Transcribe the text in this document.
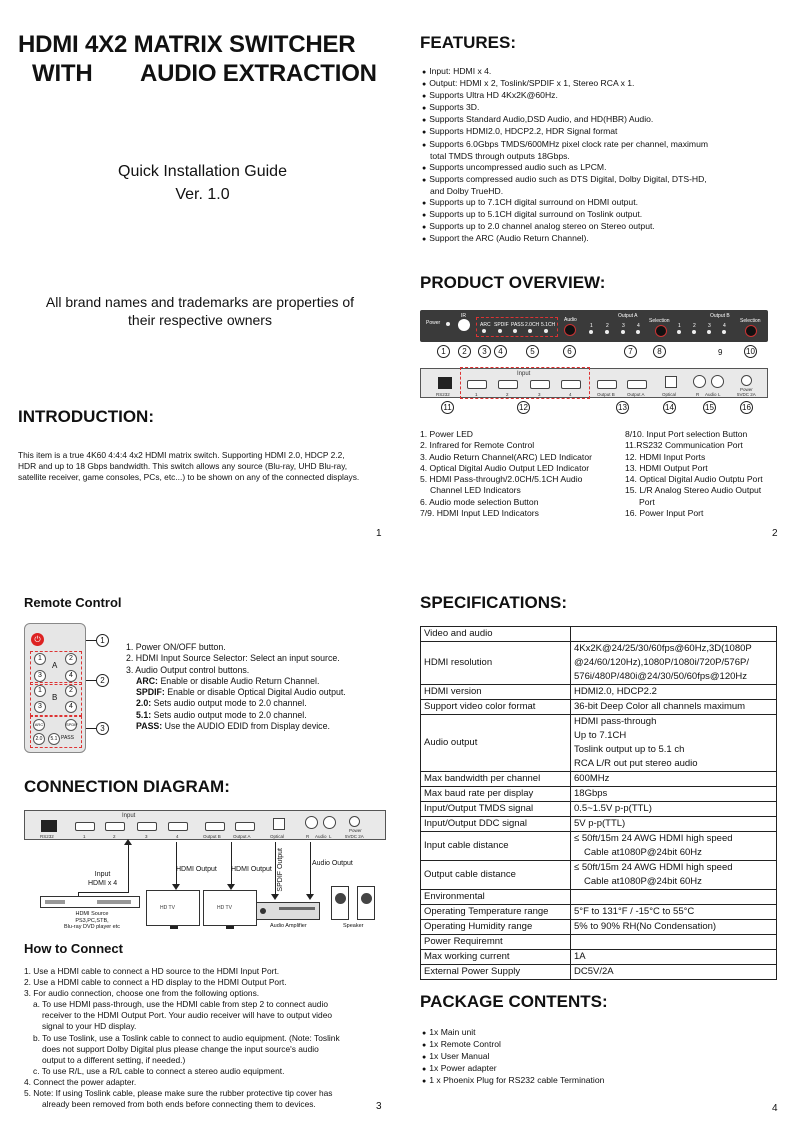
HDMI 4X2 MATRIX SWITCHER
WITH AUDIO EXTRACTION
Quick Installation Guide
Ver. 1.0
All brand names and trademarks are properties of
their respective owners
INTRODUCTION:
This item is a true 4K60 4:4:4 4x2 HDMI matrix switch. Supporting HDMI 2.0, HDCP 2.2,
HDR and up to 18 Gbps bandwidth. This switch allows any source (Blu-ray, UHD Blu-ray,
satellite receiver, game consoles, PCs, etc...) to be shown on any of the connected displays.
1
FEATURES:
● Input: HDMI x 4.
● Output: HDMI x 2, Toslink/SPDIF x 1, Stereo RCA x 1.
● Supports Ultra HD 4Kx2K@60Hz.
● Supports 3D.
● Supports Standard Audio,DSD Audio, and HD(HBR) Audio.
● Supports HDMI2.0, HDCP2.2, HDR Signal format
● Supports 6.0Gbps TMDS/600MHz pixel clock rate per channel, maximum
total TMDS through outputs 18Gbps.
● Supports uncompressed audio such as LPCM.
● Supports compressed audio such as DTS Digital, Dolby Digital, DTS-HD,
and Dolby TrueHD.
● Supports up to 7.1CH digital surround on HDMI output.
● Supports up to 5.1CH digital surround on Toslink output.
● Supports up to 2.0 channel analog stereo on Stereo output.
● Support the ARC (Audio Return Channel).
PRODUCT OVERVIEW:
Power
IR
ARC SPDIF PASS 2.0CH 5.1CH
Audio
Output A
1	2	3 4
Selection
Output B
1 2 3 4
Selection
1	2	3	4	5	6	7	8	9	10
Input
RS232	1	2	3	4	Output B	Output A	Optical	R Audio L
Power
5VDC 2A
11	12	13	14	15	16
1. Power LED
2. Infrared for Remote Control
3. Audio Return Channel(ARC) LED Indicator
4. Optical Digital Audio Output LED Indicator
5. HDMI Pass-through/2.0CH/5.1CH Audio
Channel LED Indicators
6. Audio mode selection Button
7/9. HDMI Input LED Indicators
8/10. Input Port selection Button
11.RS232 Communication Port
12. HDMI Input Ports
13. HDMI Output Port
14. Optical Digital Audio Outptu Port
15. L/R Analog Stereo Audio Output
Port
16. Power Input Port
2
Remote Control
⏻
1	2
A
3	4
1	2
B
3	4
ARC	SPDIF
2.0	5.1 PASS
1
2
3
1. Power ON/OFF button.
2. HDMI Input Source Selector: Select an input source.
3. Audio Output control buttons.
ARC: Enable or disable Audio Return Channel.
SPDIF: Enable or disable Optical Digital Audio output.
2.0: Sets audio output mode to 2.0 channel.
5.1: Sets audio output mode to 2.0 channel.
PASS: Use the AUDIO EDID from Display device.
CONNECTION DIAGRAM:
Input
RS232	1	2	3	4	Output B	Output A	Optical	R Audio L
Power
5VDC 2A
Input
HDMI x 4
HDMI Output HDMI Output SPDIF Output	Audio Output
HDMI Source
PS3,PC,STB,
Blu-ray DVD player etc
HD TV	HD TV
Audio Amplifier	Speaker
How to Connect
1. Use a HDMI cable to connect a HD source to the HDMI Input Port.
2. Use a HDMI cable to connect a HD display to the HDMI Output Port.
3. For audio connection, choose one from the following options.
a. To use HDMI pass-through, use the HDMI cable from step 2 to connect audio
receiver to the HDMI Output Port. Your audio receiver will have to output video
signal to your HD display.
b. To use Toslink, use a Toslink cable to connect to audio equipment. (Note: Toslink
does not support Dolby Digital plus please change the input source's audio
output to a different setting, if needed.)
c. To use R/L, use a R/L cable to connect a stereo audio equipment.
4. Connect the power adapter.
5. Note: If using Toslink cable, please make sure the rubber protective tip cover has
already been removed from both ends before connecting them to devices.	3
SPECIFICATIONS:
Video and audio	

HDMI resolution	4Kx2K@24/25/30/60fps@60Hz,3D(1080P
@24/60/120Hz),1080P/1080i/720P/576P/
576i/480P/480i@24/30/50/60fps@120Hz

HDMI version	HDMI2.0, HDCP2.2

Support video color format	36-bit Deep Color all channels maximum

Audio output	HDMI pass-through
Up to 7.1CH
Toslink output up to 5.1 ch
RCA L/R out put stereo audio

Max bandwidth per channel	600MHz

Max baud rate per display	18Gbps

Input/Output TMDS signal	0.5~1.5V p-p(TTL)

Input/Output DDC signal	5V p-p(TTL)

Input cable distance	≤ 50ft/15m 24 AWG HDMI high speed
Cable at1080P@24bit 60Hz

Output cable distance	≤ 50ft/15m 24 AWG HDMI high speed
Cable at1080P@24bit 60Hz

Environmental	

Operating Temperature range	5°F to 131°F / -15°C to 55°C

Operating Humidity range	5% to 90% RH(No Condensation)

Power Requiremnt	

Max working current	1A

External Power Supply	DC5V/2A
PACKAGE CONTENTS:
● 1x Main unit
● 1x Remote Control
● 1x User Manual
● 1x Power adapter
● 1 x Phoenix Plug for RS232 cable Termination
4
